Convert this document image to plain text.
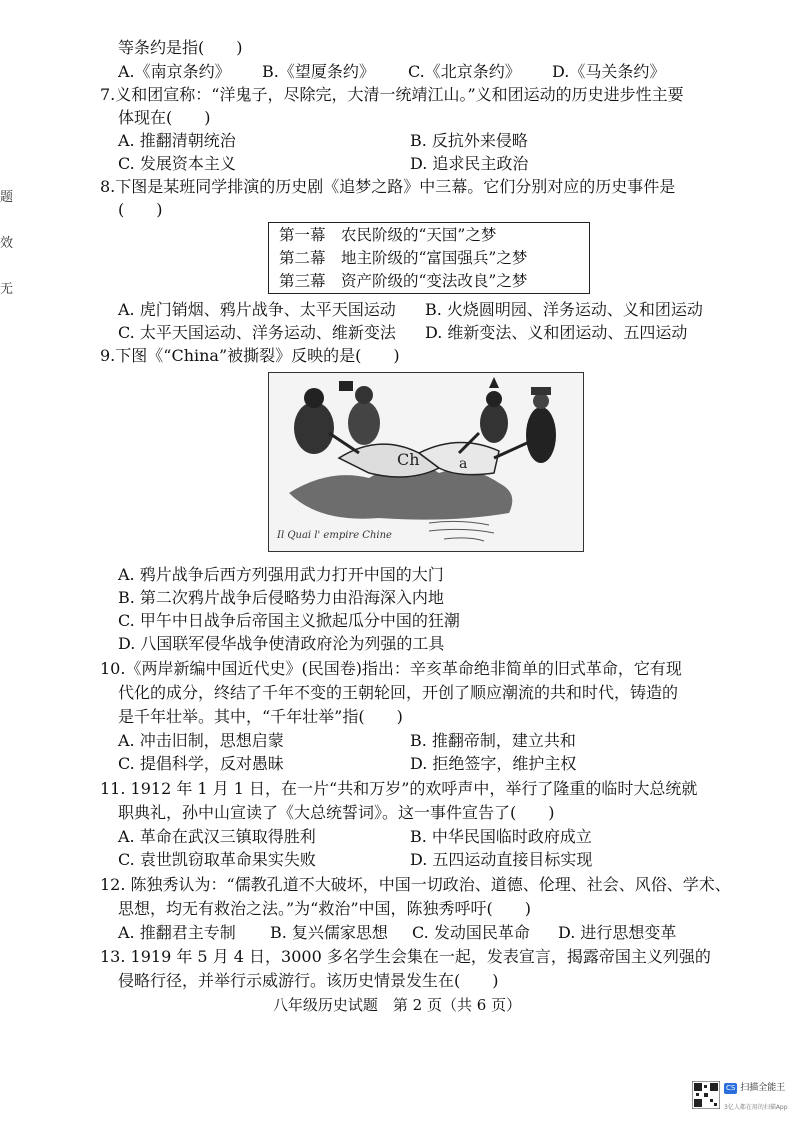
题
效
无
等条约是指(　　)
A.《南京条约》 B.《望厦条约》 C.《北京条约》 D.《马关条约》
7.义和团宣称：“洋鬼子，尽除完，大清一统靖江山。”义和团运动的历史进步性主要
体现在(　　)
A. 推翻清朝统治	B. 反抗外来侵略
C. 发展资本主义	D. 追求民主政治
8.下图是某班同学排演的历史剧《追梦之路》中三幕。它们分别对应的历史事件是
(　　)
第一幕　农民阶级的“天国”之梦
第二幕　地主阶级的“富国强兵”之梦
第三幕　资产阶级的“变法改良”之梦
A. 虎门销烟、鸦片战争、太平天国运动 B. 火烧圆明园、洋务运动、义和团运动
C. 太平天国运动、洋务运动、维新变法 D. 维新变法、义和团运动、五四运动
9.下图《“China”被撕裂》反映的是(　　)
Ch	a
Il Quai l' empire Chine
A. 鸦片战争后西方列强用武力打开中国的大门
B. 第二次鸦片战争后侵略势力由沿海深入内地
C. 甲午中日战争后帝国主义掀起瓜分中国的狂潮
D. 八国联军侵华战争使清政府沦为列强的工具
10.《两岸新编中国近代史》(民国卷)指出：辛亥革命绝非简单的旧式革命，它有现
代化的成分，终结了千年不变的王朝轮回，开创了顺应潮流的共和时代，铸造的
是千年壮举。其中，“千年壮举”指(　　)
A. 冲击旧制，思想启蒙	B. 推翻帝制，建立共和
C. 提倡科学，反对愚昧	D. 拒绝签字，维护主权
11. 1912 年 1 月 1 日，在一片“共和万岁”的欢呼声中，举行了隆重的临时大总统就
职典礼，孙中山宣读了《大总统誓词》。这一事件宣告了(　　)
A. 革命在武汉三镇取得胜利	B. 中华民国临时政府成立
C. 袁世凯窃取革命果实失败	D. 五四运动直接目标实现
12. 陈独秀认为：“儒教孔道不大破坏，中国一切政治、道德、伦理、社会、风俗、学术、
思想，均无有救治之法。”为“救治”中国，陈独秀呼吁(　　)
A. 推翻君主专制 B. 复兴儒家思想 C. 发动国民革命 D. 进行思想变革
13. 1919 年 5 月 4 日，3000 多名学生会集在一起，发表宣言，揭露帝国主义列强的
侵略行径，并举行示威游行。该历史情景发生在(　　)
八年级历史试题　第 2 页（共 6 页）
CS 扫描全能王
3亿人都在用的扫描App
